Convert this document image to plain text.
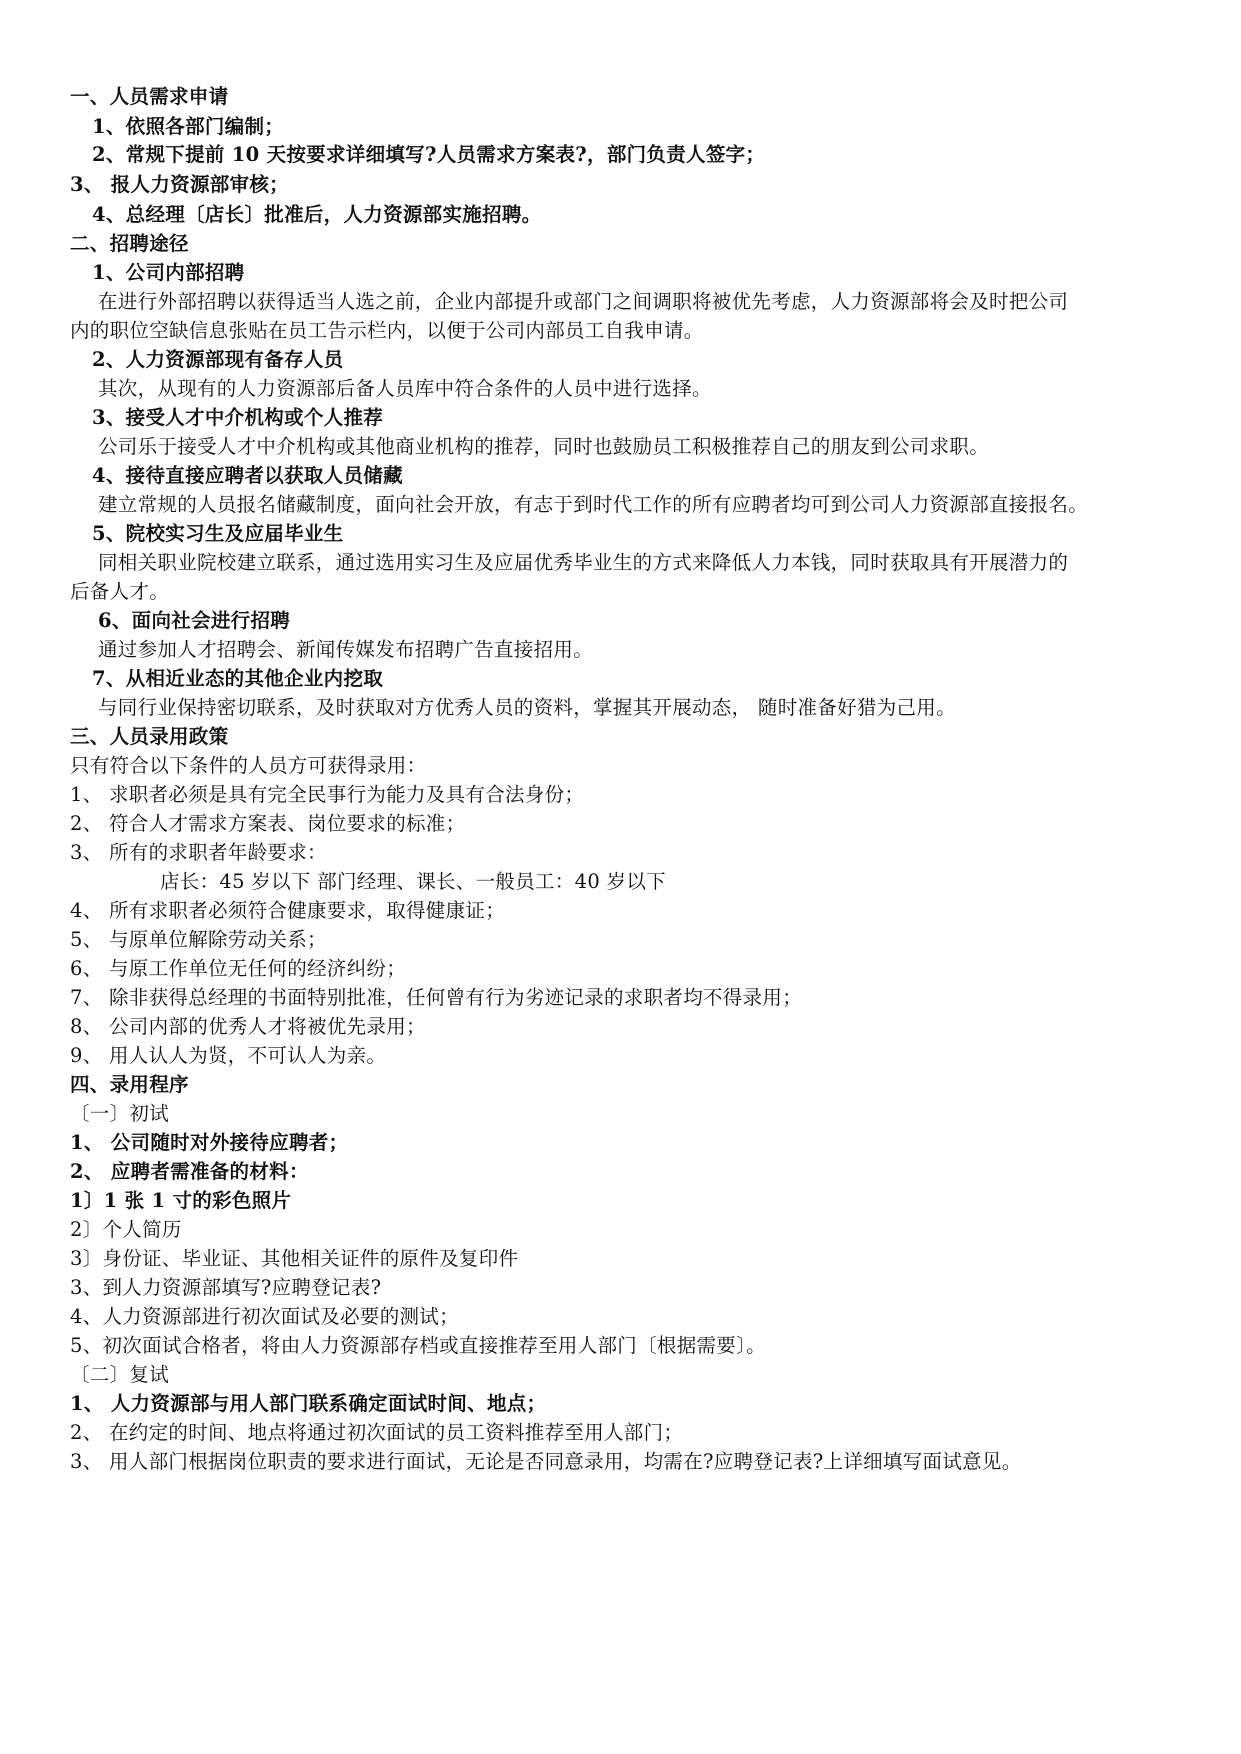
一、人员需求申请
1、依照各部门编制；
2、常规下提前 10 天按要求详细填写?人员需求方案表?，部门负责人签字；
3、 报人力资源部审核；
4、总经理〔店长〕批准后，人力资源部实施招聘。
二、招聘途径
1、公司内部招聘
在进行外部招聘以获得适当人选之前，企业内部提升或部门之间调职将被优先考虑，人力资源部将会及时把公司
内的职位空缺信息张贴在员工告示栏内，以便于公司内部员工自我申请。
2、人力资源部现有备存人员
其次，从现有的人力资源部后备人员库中符合条件的人员中进行选择。
3、接受人才中介机构或个人推荐
公司乐于接受人才中介机构或其他商业机构的推荐，同时也鼓励员工积极推荐自己的朋友到公司求职。
4、接待直接应聘者以获取人员储藏
建立常规的人员报名储藏制度，面向社会开放，有志于到时代工作的所有应聘者均可到公司人力资源部直接报名。
5、院校实习生及应届毕业生
同相关职业院校建立联系，通过选用实习生及应届优秀毕业生的方式来降低人力本钱，同时获取具有开展潜力的
后备人才。
6、面向社会进行招聘
通过参加人才招聘会、新闻传媒发布招聘广告直接招用。
7、从相近业态的其他企业内挖取
与同行业保持密切联系，及时获取对方优秀人员的资料，掌握其开展动态， 随时准备好猎为己用。
三、人员录用政策
只有符合以下条件的人员方可获得录用：
1、 求职者必须是具有完全民事行为能力及具有合法身份；
2、 符合人才需求方案表、岗位要求的标准；
3、 所有的求职者年龄要求：
店长：45 岁以下 部门经理、课长、一般员工：40 岁以下
4、 所有求职者必须符合健康要求，取得健康证；
5、 与原单位解除劳动关系；
6、 与原工作单位无任何的经济纠纷；
7、 除非获得总经理的书面特别批准，任何曾有行为劣迹记录的求职者均不得录用；
8、 公司内部的优秀人才将被优先录用；
9、 用人认人为贤，不可认人为亲。
四、录用程序
〔一〕初试
1、 公司随时对外接待应聘者；
2、 应聘者需准备的材料：
1〕1 张 1 寸的彩色照片
2〕个人简历
3〕身份证、毕业证、其他相关证件的原件及复印件
3、到人力资源部填写?应聘登记表?
4、人力资源部进行初次面试及必要的测试；
5、初次面试合格者，将由人力资源部存档或直接推荐至用人部门〔根据需要〕。
〔二〕复试
1、 人力资源部与用人部门联系确定面试时间、地点；
2、 在约定的时间、地点将通过初次面试的员工资料推荐至用人部门；
3、 用人部门根据岗位职责的要求进行面试，无论是否同意录用，均需在?应聘登记表?上详细填写面试意见。
